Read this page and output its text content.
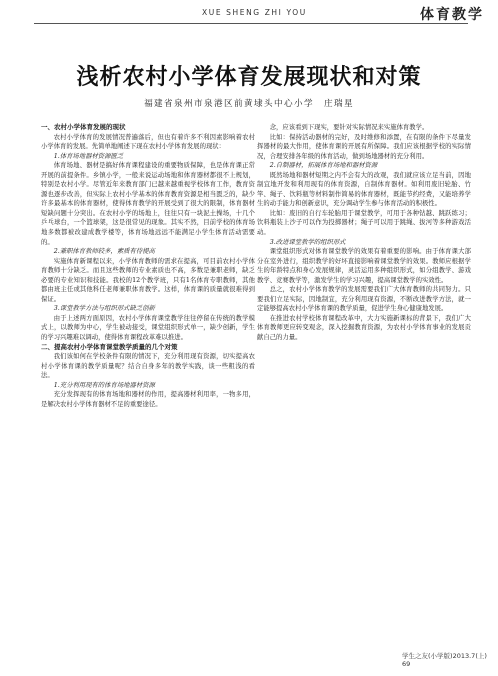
XUE SHENG ZHI YOU	体育教学
浅析农村小学体育发展现状和对策
福建省泉州市泉港区前黄埭头中心小学　庄瑞星

一、农村小学体育发展的现状

农村小学体育的发展情况普遍落后，但也有着许多不利因素影响着农村小学体育的发展。先简单地阐述下现在农村小学体育发展的现状：

1.体育场地器材资源匮乏

体育场地、器材是搞好体育课程建设的重要物质保障，也是体育课正常开展的前提条件。乡镇小学，一般来说运动场地和体育器材都很不上规划，特别是农村小学。尽管近年来教育部门已越来越重视学校体育工作，教育资源也逐步改善，但实际上农村小学基本的体育教育资源是相当匮乏的，缺少许多最基本的体育器材，使得体育教学的开展受到了很大的限制，体育器材短缺问题十分突出。在农村小学的场地上，往往只有一块泥土操场，十几个乒乓球台，一个篮球架，这是很常见的现象。其实不然，目前学校的体育场地多数都被改建成教学楼等，体育场地远远不能满足小学生体育活动需要的。

2.兼职体育教师较多，素质有待提高

实施体育新课程以来，小学体育教师的需求在提高，可目前农村小学体育教师十分缺乏。而且这些教师的专业素质也不高，多数是兼职老师，缺乏必要的专业知识和技能。我校的12个教学班，只有1名体育专职教师，其他都由班主任或其他科任老师兼职体育教学。这样，体育课的质量就很难得到保证。

3.课堂教学方法与组织形式缺乏创新

由于上述两方面原因，农村小学体育课堂教学往往停留在传统的教学模式上，以教师为中心，学生被动接受，课堂组织形式单一，缺少创新，学生的学习兴趣难以调动，使得体育课程改革难以推进。

二、提高农村小学体育课堂教学质量的几个对策

我们该如何在学校条件有限的情况下，充分利用现有资源，切实提高农村小学体育课的教学质量呢？结合自身多年的教学实践，谈一些粗浅的看法。

1.充分利用现有的体育场地器材资源

充分发挥现有的体育场地和器材的作用，提高器材利用率，一物多用，是解决农村小学体育器材不足的重要途径。

念，应该看到下现实，要针对实际情况来实施体育教学。

比如：保持活动器材的完好，及时维修和添置，在有限的条件下尽量发挥器材的最大作用，使体育课的开展有所保障。我们应该根据学校的实际情况，合理安排各年级的体育活动，做到场地器材的充分利用。

2.自制器材，拓展体育场地和器材资源

既然场地和器材短期之内不会有大的改观，我们就应该立足当前，因地制宜地开发和利用现有的体育资源，自制体育器材。如利用废旧轮胎、竹竿、绳子、饮料瓶等材料制作简易的体育器材，既能节约经费，又能培养学生的动手能力和创新意识，充分调动学生参与体育活动的积极性。

比如：废旧的自行车轮胎用于课堂教学，可用于各种钻越、跳跃练习；饮料瓶装上沙子可以作为投掷器材；绳子可以用于跳绳、拔河等多种游戏活动。

3.改进课堂教学的组织形式

课堂组织形式对体育课堂教学的效果有着重要的影响。由于体育课大部分在室外进行，组织教学的好坏直接影响着课堂教学的效果。教师应根据学生的年龄特点和身心发展规律，灵活运用多种组织形式，如分组教学、游戏教学、竞赛教学等，激发学生的学习兴趣，提高课堂教学的实效性。

总之，农村小学体育教学的发展需要我们广大体育教师的共同努力。只要我们立足实际，因地制宜，充分利用现有资源，不断改进教学方法，就一定能够提高农村小学体育课的教学质量，促进学生身心健康地发展。

在推进农村学校体育课程改革中，大力实施新课标的背景下，我们广大体育教师更应转变观念，深入挖掘教育资源，为农村小学体育事业的发展贡献自己的力量。

学生之友(小学版)2013.7(上)　69
